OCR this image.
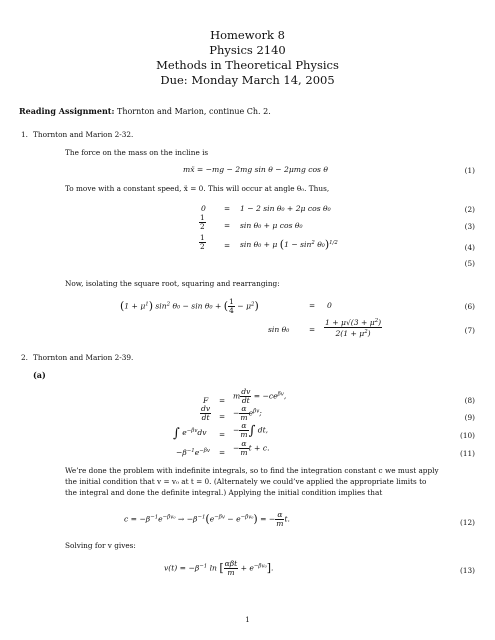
Homework 8
Physics 2140
Methods in Theoretical Physics
Due: Monday March 14, 2005
Reading Assignment: Thornton and Marion, continue Ch. 2.
1. Thornton and Marion 2-32.
The force on the mass on the incline is
mẍ = −mg − 2mg sin θ − 2μmg cos θ	(1)
To move with a constant speed, ẍ = 0. This will occur at angle θ₀. Thus,
0 = 1 − 2 sin θ₀ + 2μ cos θ₀	(2)
$\frac{1}{2}$	= sin θ₀ + μ cos θ₀	(3)
$\frac{1}{2}$	= sin θ₀ + μ $(1 - \sin^2 \theta_0)^{1/2}$	(4)
(5)
Now, isolating the square root, squaring and rearranging:
$(1 + \mu^1)$ $\sin^2 \theta_0 - \sin \theta_0$ + ( $\frac{1}{4} - \mu^2$)	= 0	(6)
sin θ₀	= $\frac{1 + \mu√(3 + \mu^2)}{2(1 + \mu^2)}$	(7)
2. Thornton and Marion 2-39.
(a)
F = m $\frac{dv}{dt} = -ce^{\beta v}$,	(8)
$\frac{dv}{dt}$ = − $\frac{\alpha}{m} e^{\beta v}$;	(9)
∫ $e^{-\beta v}dv$ = − $\frac{\alpha}{m}$ ∫ dt,
(10)
$-\beta^{-1}e^{-\beta v}$ = − $\frac{\alpha}{m}$ t + c.
(11)
We’re done the problem with indefinite integrals, so to find the integration constant c we must apply
the initial condition that v = v₀ at t = 0. (Alternately we could’ve applied the appropriate limits to
the integral and done the definite integral.) Applying the initial condition implies that
$c = -\beta^{-1}e^{-\beta v_0} \to -\beta^{-1}(e^{-\beta v} - e^{-\beta v_0})$ = − $\frac{\alpha}{m} t$.	(12)
Solving for v gives:
$v(t) = -\beta^{-1}$ ln [ $\frac{\text{αβt}}{m} + e^{-\beta v_0}$].	(13)
1
